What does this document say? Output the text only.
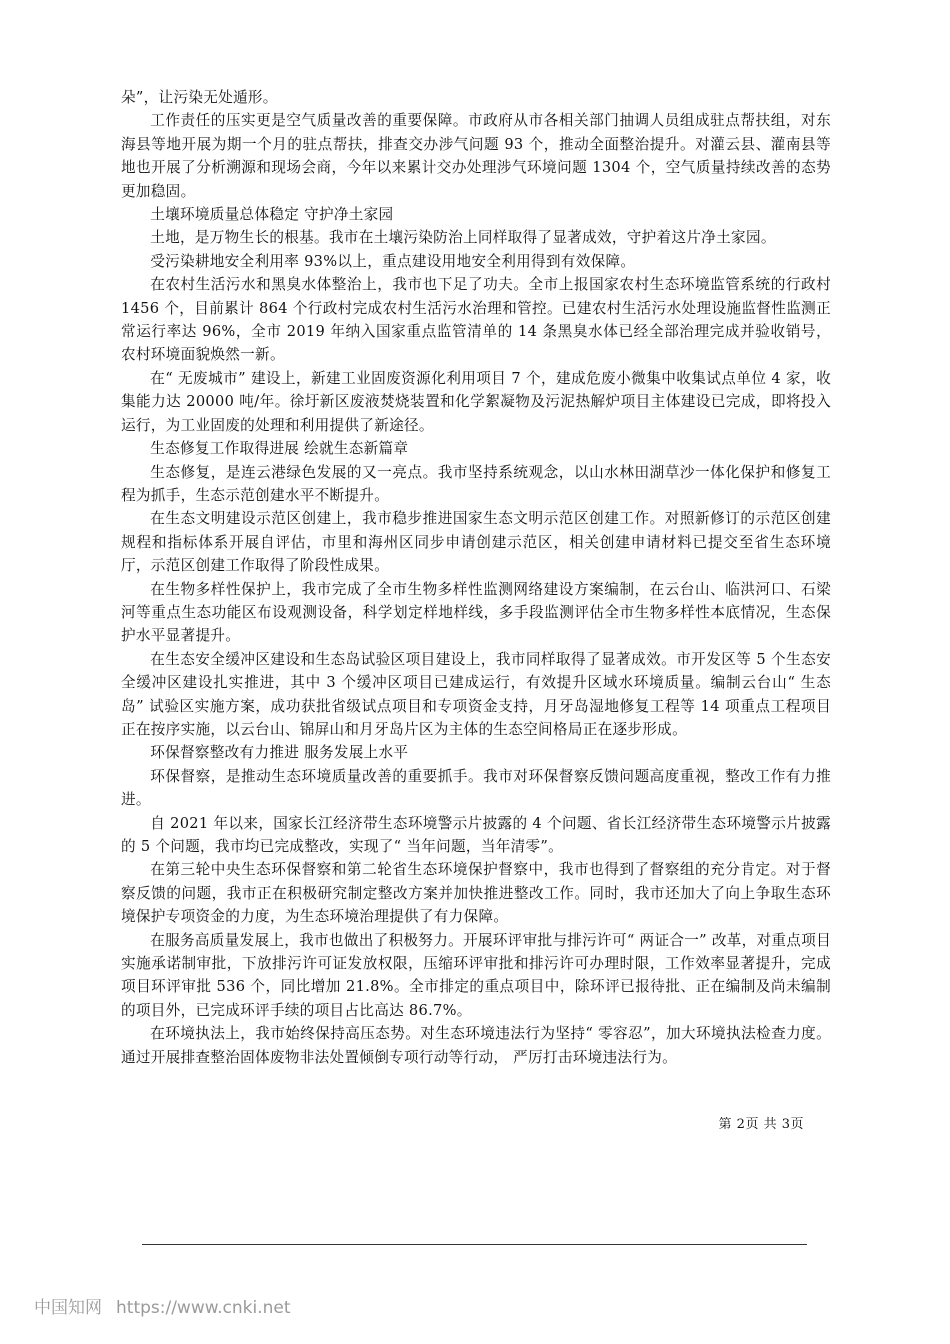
朵”，让污染无处遁形。

工作责任的压实更是空气质量改善的重要保障。市政府从市各相关部门抽调人员组成驻点帮扶组，对东海县等地开展为期一个月的驻点帮扶，排查交办涉气问题 93 个，推动全面整治提升。对灌云县、灌南县等地也开展了分析溯源和现场会商，今年以来累计交办处理涉气环境问题 1304 个，空气质量持续改善的态势更加稳固。

土壤环境质量总体稳定 守护净土家园

土地，是万物生长的根基。我市在土壤污染防治上同样取得了显著成效，守护着这片净土家园。

受污染耕地安全利用率 93%以上，重点建设用地安全利用得到有效保障。

在农村生活污水和黑臭水体整治上，我市也下足了功夫。全市上报国家农村生态环境监管系统的行政村 1456 个，目前累计 864 个行政村完成农村生活污水治理和管控。已建农村生活污水处理设施监督性监测正常运行率达 96%，全市 2019 年纳入国家重点监管清单的 14 条黑臭水体已经全部治理完成并验收销号，农村环境面貌焕然一新。

在“ 无废城市” 建设上，新建工业固废资源化利用项目 7 个，建成危废小微集中收集试点单位 4 家，收集能力达 20000 吨/年。徐圩新区废液焚烧装置和化学絮凝物及污泥热解炉项目主体建设已完成，即将投入运行，为工业固废的处理和利用提供了新途径。

生态修复工作取得进展 绘就生态新篇章

生态修复，是连云港绿色发展的又一亮点。我市坚持系统观念，以山水林田湖草沙一体化保护和修复工程为抓手，生态示范创建水平不断提升。

在生态文明建设示范区创建上，我市稳步推进国家生态文明示范区创建工作。对照新修订的示范区创建规程和指标体系开展自评估，市里和海州区同步申请创建示范区，相关创建申请材料已提交至省生态环境厅，示范区创建工作取得了阶段性成果。

在生物多样性保护上，我市完成了全市生物多样性监测网络建设方案编制，在云台山、临洪河口、石梁河等重点生态功能区布设观测设备，科学划定样地样线，多手段监测评估全市生物多样性本底情况，生态保护水平显著提升。

在生态安全缓冲区建设和生态岛试验区项目建设上，我市同样取得了显著成效。市开发区等 5 个生态安全缓冲区建设扎实推进，其中 3 个缓冲区项目已建成运行，有效提升区域水环境质量。编制云台山“ 生态岛” 试验区实施方案，成功获批省级试点项目和专项资金支持，月牙岛湿地修复工程等 14 项重点工程项目正在按序实施，以云台山、锦屏山和月牙岛片区为主体的生态空间格局正在逐步形成。

环保督察整改有力推进 服务发展上水平

环保督察，是推动生态环境质量改善的重要抓手。我市对环保督察反馈问题高度重视，整改工作有力推进。

自 2021 年以来，国家长江经济带生态环境警示片披露的 4 个问题、省长江经济带生态环境警示片披露的 5 个问题，我市均已完成整改，实现了“ 当年问题，当年清零”。

在第三轮中央生态环保督察和第二轮省生态环境保护督察中，我市也得到了督察组的充分肯定。对于督察反馈的问题，我市正在积极研究制定整改方案并加快推进整改工作。同时，我市还加大了向上争取生态环境保护专项资金的力度，为生态环境治理提供了有力保障。

在服务高质量发展上，我市也做出了积极努力。开展环评审批与排污许可“ 两证合一” 改革，对重点项目实施承诺制审批，下放排污许可证发放权限，压缩环评审批和排污许可办理时限，工作效率显著提升，完成项目环评审批 536 个，同比增加 21.8%。全市排定的重点项目中，除环评已报待批、正在编制及尚未编制的项目外，已完成环评手续的项目占比高达 86.7%。

在环境执法上，我市始终保持高压态势。对生态环境违法行为坚持“ 零容忍”，加大环境执法检查力度。 通过开展排查整治固体废物非法处置倾倒专项行动等行动， 严厉打击环境违法行为。

第 2页 共 3页
中国知网 https://www.cnki.net
